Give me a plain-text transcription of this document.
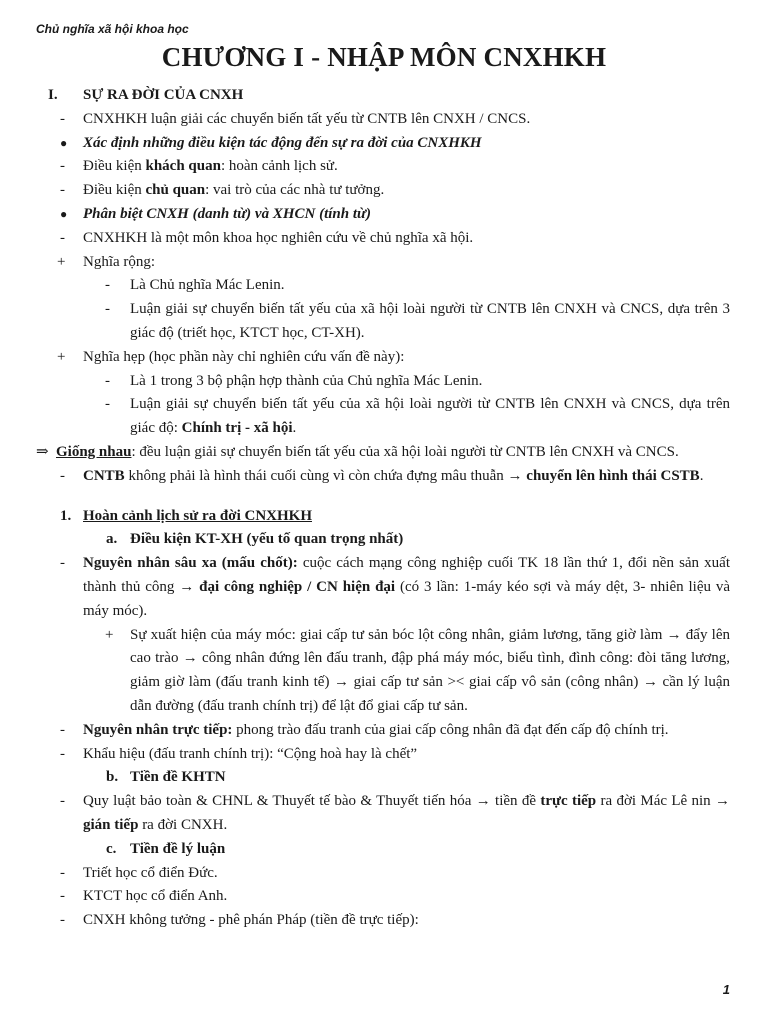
Chủ nghĩa xã hội khoa học
CHƯƠNG I - NHẬP MÔN CNXHKH
I. SỰ RA ĐỜI CỦA CNXH
- CNXHKH luận giải các chuyển biến tất yếu từ CNTB lên CNXH / CNCS.
● Xác định những điều kiện tác động đến sự ra đời của CNXHKH
- Điều kiện khách quan: hoàn cảnh lịch sử.
- Điều kiện chủ quan: vai trò của các nhà tư tưởng.
● Phân biệt CNXH (danh từ) và XHCN (tính từ)
- CNXHKH là một môn khoa học nghiên cứu về chủ nghĩa xã hội.
+ Nghĩa rộng:
- Là Chủ nghĩa Mác Lenin.
- Luận giải sự chuyển biến tất yếu của xã hội loài người từ CNTB lên CNXH và CNCS, dựa trên 3 giác độ (triết học, KTCT học, CT-XH).
+ Nghĩa hẹp (học phần này chỉ nghiên cứu vấn đề này):
- Là 1 trong 3 bộ phận hợp thành của Chủ nghĩa Mác Lenin.
- Luận giải sự chuyển biến tất yếu của xã hội loài người từ CNTB lên CNXH và CNCS, dựa trên giác độ: Chính trị - xã hội.
⇒ Giống nhau: đều luận giải sự chuyển biến tất yếu của xã hội loài người từ CNTB lên CNXH và CNCS.
- CNTB không phải là hình thái cuối cùng vì còn chứa đựng mâu thuẫn → chuyển lên hình thái CSTB.
1. Hoàn cảnh lịch sử ra đời CNXHKH
a. Điều kiện KT-XH (yếu tố quan trọng nhất)
- Nguyên nhân sâu xa (mấu chốt): cuộc cách mạng công nghiệp cuối TK 18 lần thứ 1, đổi nền sản xuất thành thủ công → đại công nghiệp / CN hiện đại (có 3 lần: 1-máy kéo sợi và máy dệt, 3- nhiên liệu và máy móc).
+ Sự xuất hiện của máy móc: giai cấp tư sản bóc lột công nhân, giảm lương, tăng giờ làm → đẩy lên cao trào → công nhân đứng lên đấu tranh, đập phá máy móc, biểu tình, đình công: đòi tăng lương, giảm giờ làm (đấu tranh kinh tế) → giai cấp tư sản >< giai cấp vô sản (công nhân) → cần lý luận dẫn đường (đấu tranh chính trị) để lật đổ giai cấp tư sản.
- Nguyên nhân trực tiếp: phong trào đấu tranh của giai cấp công nhân đã đạt đến cấp độ chính trị.
- Khẩu hiệu (đấu tranh chính trị): “Cộng hoà hay là chết”
b. Tiền đề KHTN
- Quy luật bảo toàn & CHNL & Thuyết tế bào & Thuyết tiến hóa → tiền đề trực tiếp ra đời Mác Lê nin → gián tiếp ra đời CNXH.
c. Tiền đề lý luận
- Triết học cổ điển Đức.
- KTCT học cổ điển Anh.
- CNXH không tưởng - phê phán Pháp (tiền đề trực tiếp):
1
